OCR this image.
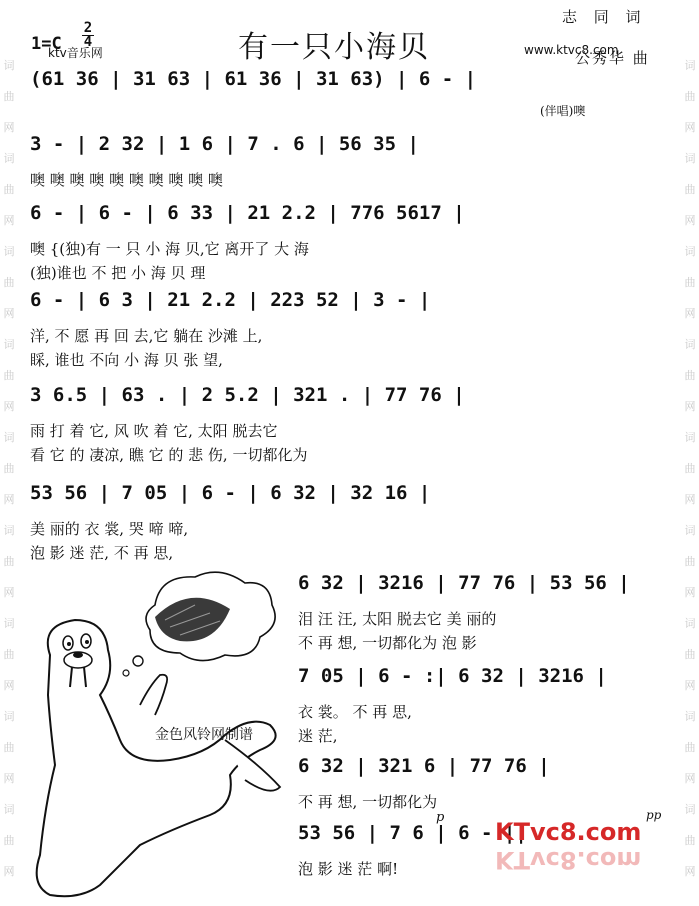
词
曲
网
词
曲
网
词
曲
网
词
曲
网
词
曲
网
词
曲
网
词
曲
网
词
曲
网
词
曲
网
词
曲
网
词
曲
网
词
曲
网
词
曲
网
词
曲
网
词
曲
网
词
曲
网
词
曲
网
词
曲
网
1=C
2
4
ktv音乐网	有一只小海贝
志 同 词
www.ktvc8.com
公秀华 曲
(61 36 | 31 63 | 61 36 | 31 63) | 6 - |
(伴唱)噢
3 - | 2 32 | 1 6 | 7 . 6 | 56 35 |
噢 噢 噢 噢 噢 噢 噢 噢 噢 噢
6 - | 6 - | 6 33 | 21 2.2 | 776 5617 |
噢 {(独)有 一 只 小 海 贝,它 离开了 大 海
(独)谁也 不 把 小 海 贝 理
6 - | 6 3 | 21 2.2 | 223 52 | 3 - |
洋, 不 愿 再 回 去,它 躺在 沙滩 上,
睬, 谁也 不向 小 海 贝 张 望,
3 6.5 | 63 . | 2 5.2 | 321 . | 77 76 |
雨 打 着 它, 风 吹 着 它, 太阳 脱去它
看 它 的 凄凉, 瞧 它 的 悲 伤, 一切都化为
53 56 | 7 05 | 6 - | 6 32 | 32 16 |
美 丽的 衣 裳, 哭 啼 啼,
泡 影 迷 茫, 不 再 思,
6 32 | 3216 | 77 76 | 53 56 |
泪 汪 汪, 太阳 脱去它 美 丽的
不 再 想, 一切都化为 泡 影
7 05 | 6 - :| 6 32 | 3216 |
衣 裳。 不 再 思,
迷 茫,
6 32 | 321 6 | 77 76 |
不 再 想, 一切都化为
53 56 | 7 6 | 6 - ||
泡 影 迷 茫 啊!
金色风铃网制谱
p	pp
KTvc8.com
KTvc8.com
